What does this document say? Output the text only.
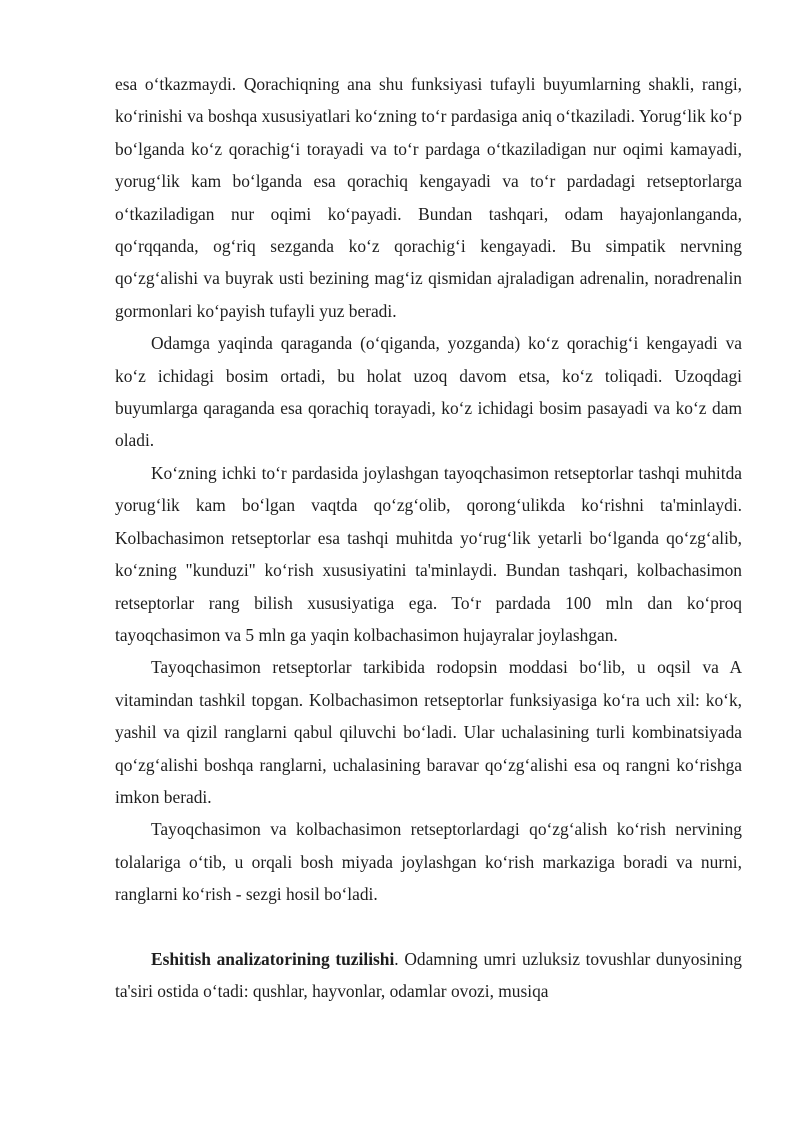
esa o‘tkazmaydi. Qorachiqning ana shu funksiyasi tufayli buyumlarning shakli, rangi, ko‘rinishi va boshqa xususiyatlari ko‘zning to‘r pardasiga aniq o‘tkaziladi. Yorug‘lik ko‘p bo‘lganda ko‘z qorachig‘i torayadi va to‘r pardaga o‘tkaziladigan nur oqimi kamayadi, yorug‘lik kam bo‘lganda esa qorachiq kengayadi va to‘r pardadagi retseptorlarga o‘tkaziladigan nur oqimi ko‘payadi. Bundan tashqari, odam hayajonlanganda, qo‘rqqanda, og‘riq sezganda ko‘z qorachig‘i kengayadi. Bu simpatik nervning qo‘zg‘alishi va buyrak usti bezining mag‘iz qismidan ajraladigan adrenalin, noradrenalin gormonlari ko‘payish tufayli yuz beradi.

Odamga yaqinda qaraganda (o‘qiganda, yozganda) ko‘z qorachig‘i kengayadi va ko‘z ichidagi bosim ortadi, bu holat uzoq davom etsa, ko‘z toliqadi. Uzoqdagi buyumlarga qaraganda esa qorachiq torayadi, ko‘z ichidagi bosim pasayadi va ko‘z dam oladi.

Ko‘zning ichki to‘r pardasida joylashgan tayoqchasimon retseptorlar tashqi muhitda yorug‘lik kam bo‘lgan vaqtda qo‘zg‘olib, qorong‘ulikda ko‘rishni ta'minlaydi. Kolbachasimon retseptorlar esa tashqi muhitda yo‘rug‘lik yetarli bo‘lganda qo‘zg‘alib, ko‘zning "kunduzi" ko‘rish xususiyatini ta'minlaydi. Bundan tashqari, kolbachasimon retseptorlar rang bilish xususiyatiga ega. To‘r pardada 100 mln dan ko‘proq tayoqchasimon va 5 mln ga yaqin kolbachasimon hujayralar joylashgan.

Tayoqchasimon retseptorlar tarkibida rodopsin moddasi bo‘lib, u oqsil va A vitamindan tashkil topgan. Kolbachasimon retseptorlar funksiyasiga ko‘ra uch xil: ko‘k, yashil va qizil ranglarni qabul qiluvchi bo‘ladi. Ular uchalasining turli kombinatsiyada qo‘zg‘alishi boshqa ranglarni, uchalasining baravar qo‘zg‘alishi esa oq rangni ko‘rishga imkon beradi.

Tayoqchasimon va kolbachasimon retseptorlardagi qo‘zg‘alish ko‘rish nervining tolalariga o‘tib, u orqali bosh miyada joylashgan ko‘rish markaziga boradi va nurni, ranglarni ko‘rish - sezgi hosil bo‘ladi.

Eshitish analizatorining tuzilishi. Odamning umri uzluksiz tovushlar dunyosining ta'siri ostida o‘tadi: qushlar, hayvonlar, odamlar ovozi, musiqa
